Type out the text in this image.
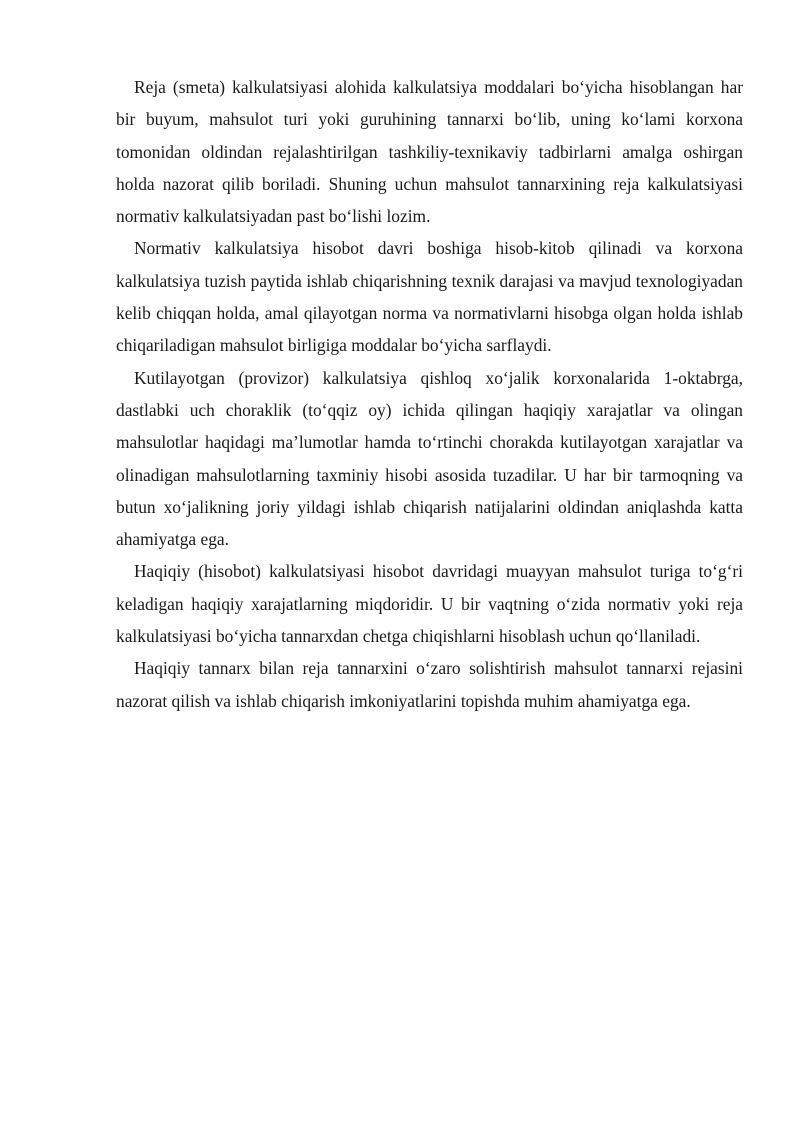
Reja (smeta) kalkulatsiyasi alohida kalkulatsiya moddalari bo‘yicha hisoblangan har bir buyum, mahsulot turi yoki guruhining tannarxi bo‘lib, uning ko‘lami korxona tomonidan oldindan rejalashtirilgan tashkiliy-texnikaviy tadbirlarni amalga oshirgan holda nazorat qilib boriladi. Shuning uchun mahsulot tannarxining reja kalkulatsiyasi normativ kalkulatsiyadan past bo‘lishi lozim.

Normativ kalkulatsiya hisobot davri boshiga hisob-kitob qilinadi va korxona kalkulatsiya tuzish paytida ishlab chiqarishning texnik darajasi va mavjud texnologiyadan kelib chiqqan holda, amal qilayotgan norma va normativlarni hisobga olgan holda ishlab chiqariladigan mahsulot birligiga moddalar bo‘yicha sarflaydi.

Kutilayotgan (provizor) kalkulatsiya qishloq xo‘jalik korxonalarida 1-oktabrga, dastlabki uch choraklik (to‘qqiz oy) ichida qilingan haqiqiy xarajatlar va olingan mahsulotlar haqidagi ma’lumotlar hamda to‘rtinchi chorakda kutilayotgan xarajatlar va olinadigan mahsulotlarning taxminiy hisobi asosida tuzadilar. U har bir tarmoqning va butun xo‘jalikning joriy yildagi ishlab chiqarish natijalarini oldindan aniqlashda katta ahamiyatga ega.

Haqiqiy (hisobot) kalkulatsiyasi hisobot davridagi muayyan mahsulot turiga to‘g‘ri keladigan haqiqiy xarajatlarning miqdoridir. U bir vaqtning o‘zida normativ yoki reja kalkulatsiyasi bo‘yicha tannarxdan chetga chiqishlarni hisoblash uchun qo‘llaniladi.

Haqiqiy tannarx bilan reja tannarxini o‘zaro solishtirish mahsulot tannarxi rejasini nazorat qilish va ishlab chiqarish imkoniyatlarini topishda muhim ahamiyatga ega.
